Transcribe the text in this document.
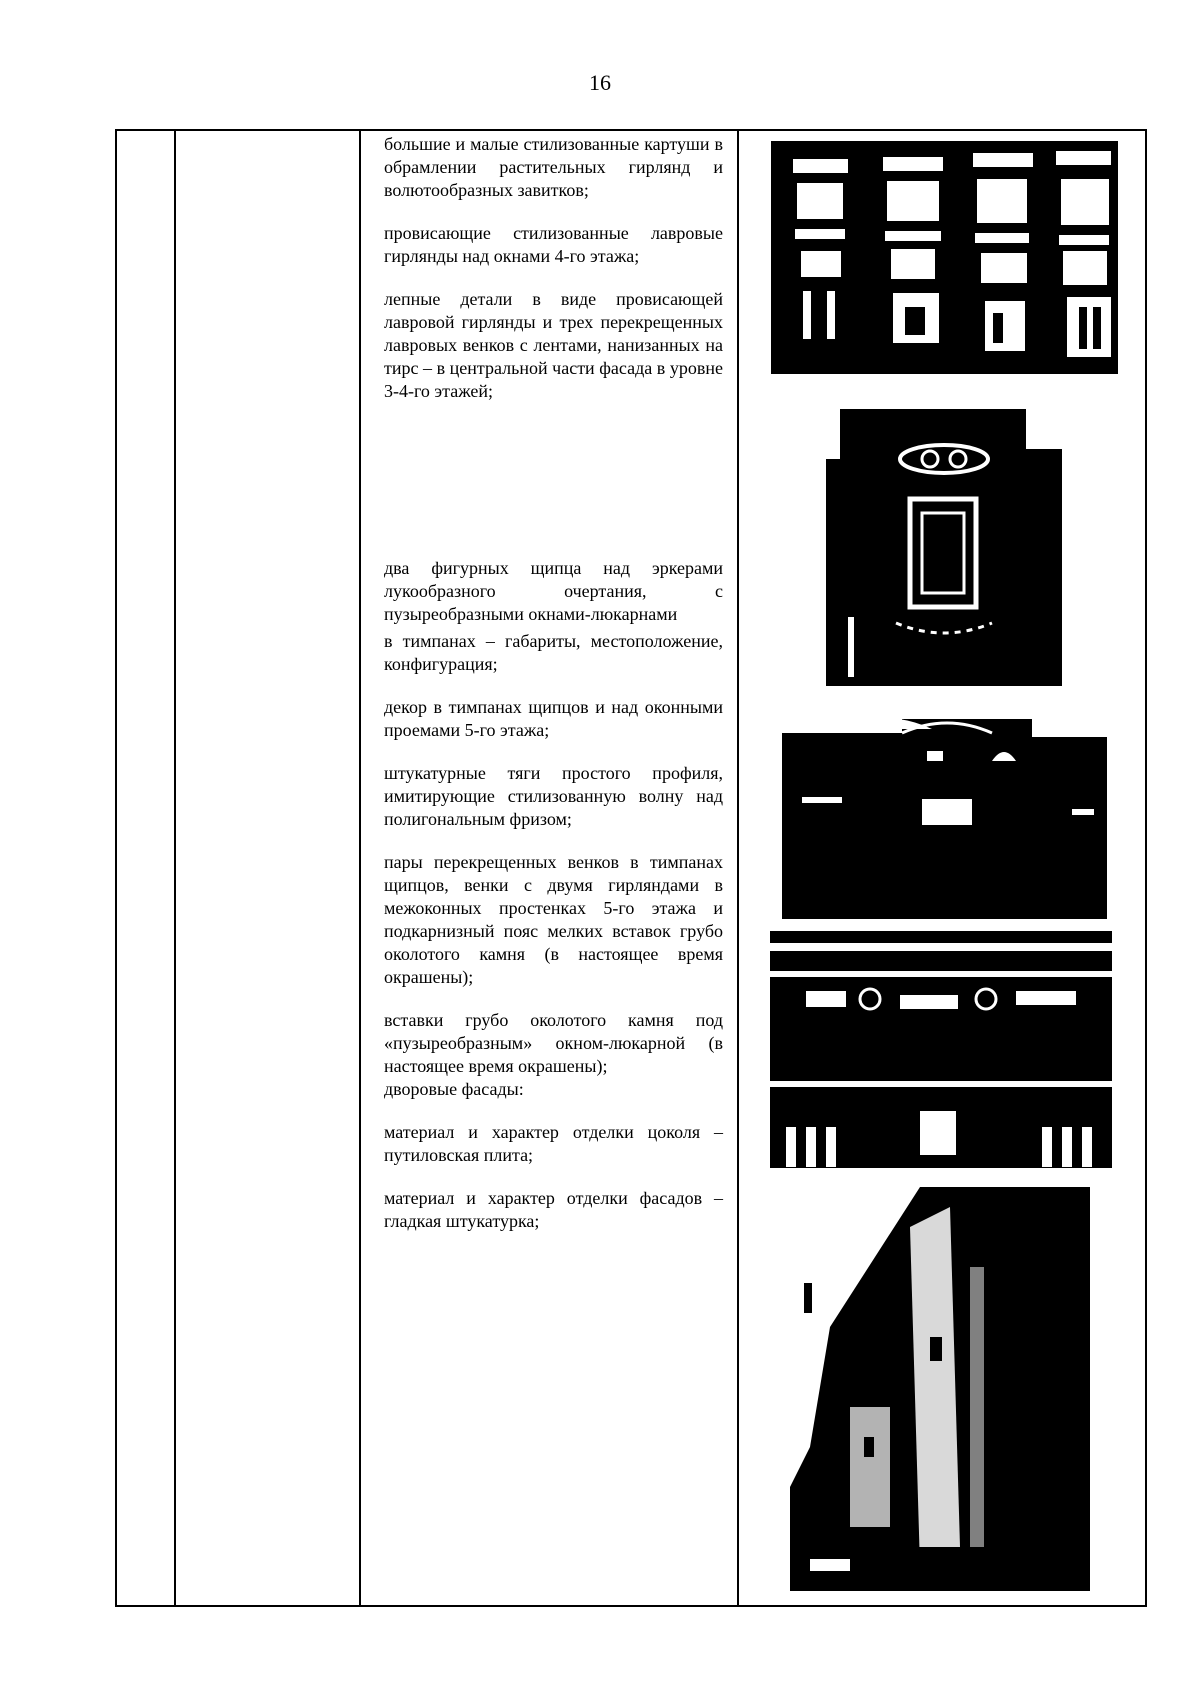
16

большие и малые стилизованные картуши в обрамлении растительных гирлянд и волютообразных завитков;

провисающие стилизованные лавровые гирлянды над окнами 4-го этажа;

лепные детали в виде провисающей лавровой гирлянды и трех перекрещенных лавровых венков с лентами, нанизанных на тирс – в центральной части фасада в уровне 3-4-го этажей;

два фигурных щипца над эркерами лукообразного очертания, с пузыреобразными окнами-люкарнами

в тимпанах – габариты, местоположение, конфигурация;

декор в тимпанах щипцов и над оконными проемами 5-го этажа;

штукатурные тяги простого профиля, имитирующие стилизованную волну над полигональным фризом;

пары перекрещенных венков в тимпанах щипцов, венки с двумя гирляндами в межоконных простенках 5-го этажа и подкарнизный пояс мелких вставок грубо околотого камня (в настоящее время окрашены);

вставки грубо околотого камня под «пузыреобразным» окном-люкарной (в настоящее время окрашены);

дворовые фасады:

материал и характер отделки цоколя – путиловская плита;

материал и характер отделки фасадов – гладкая штукатурка;
